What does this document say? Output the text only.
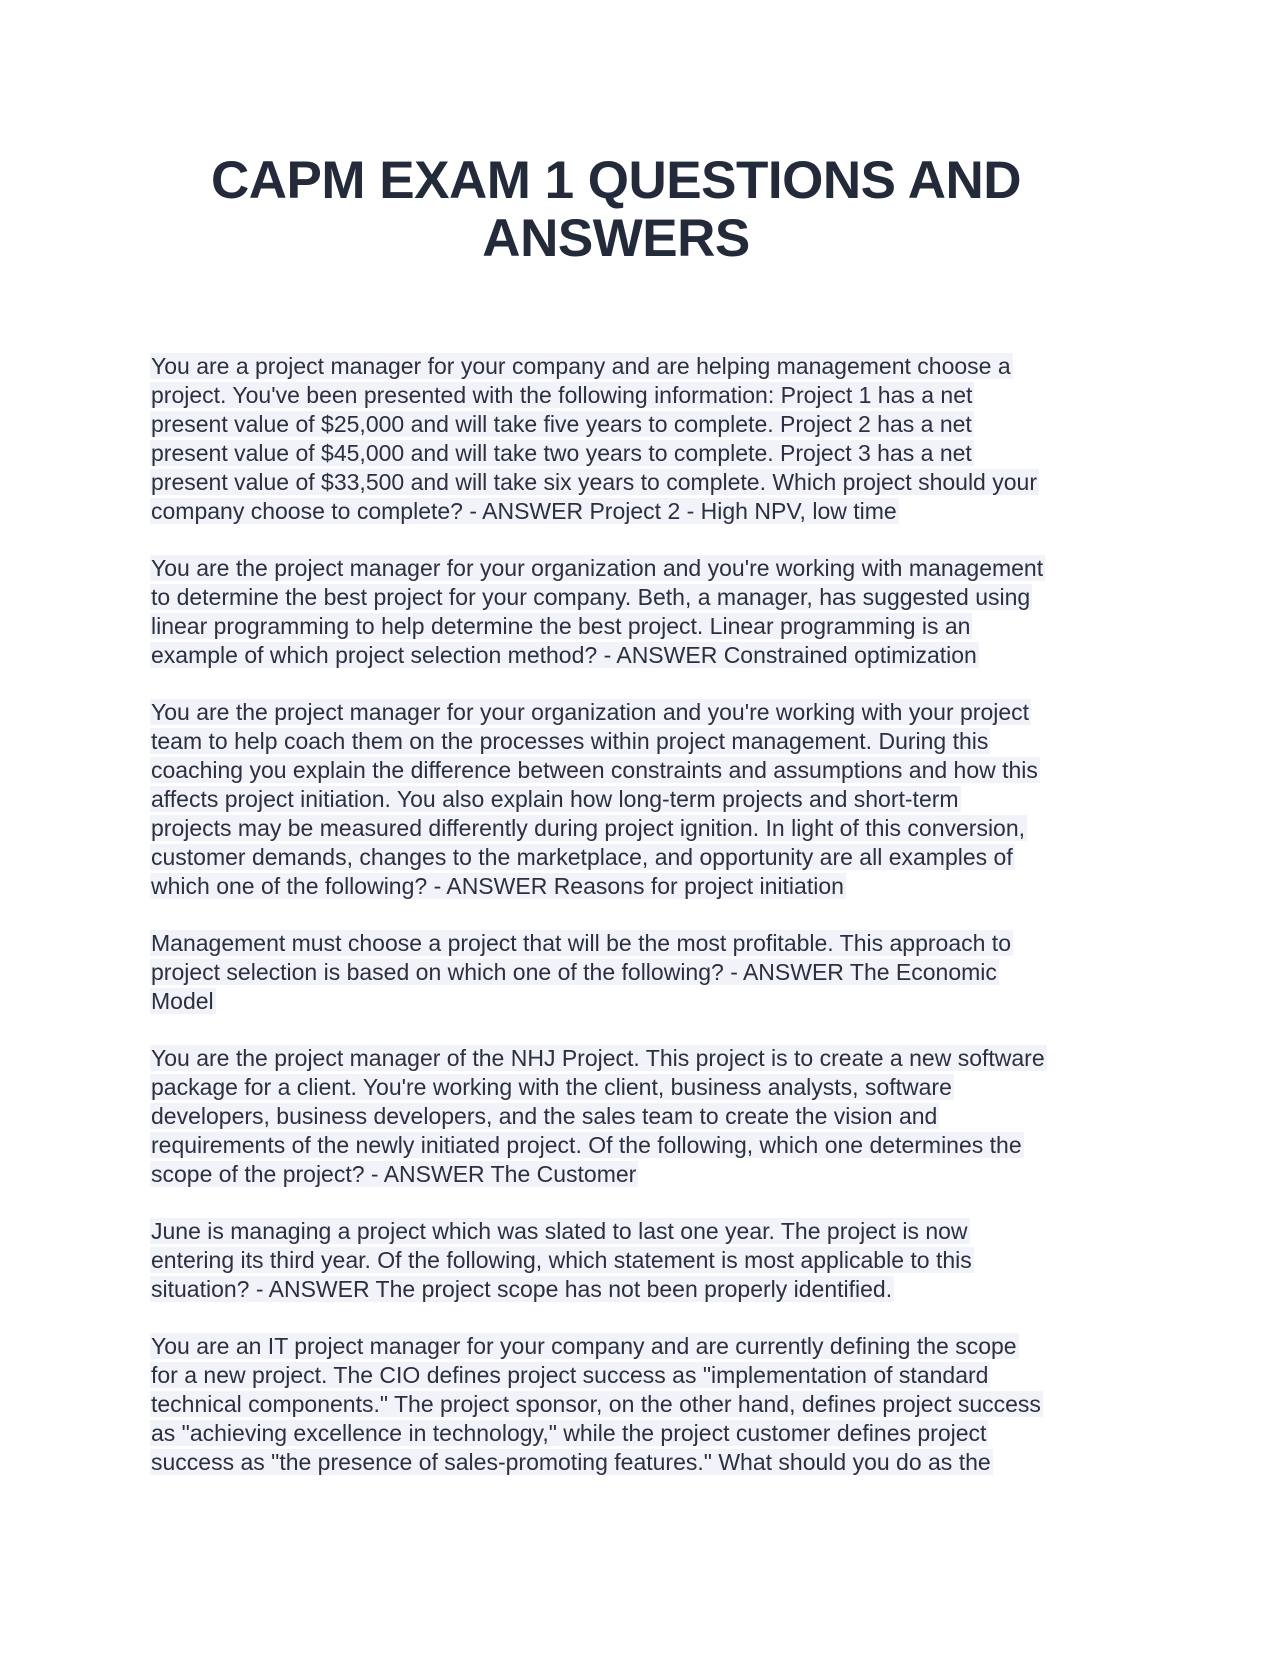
CAPM EXAM 1 QUESTIONS AND
ANSWERS
You are a project manager for your company and are helping management choose a
project. You've been presented with the following information: Project 1 has a net
present value of $25,000 and will take five years to complete. Project 2 has a net
present value of $45,000 and will take two years to complete. Project 3 has a net
present value of $33,500 and will take six years to complete. Which project should your
company choose to complete? - ANSWER Project 2 - High NPV, low time
You are the project manager for your organization and you're working with management
to determine the best project for your company. Beth, a manager, has suggested using
linear programming to help determine the best project. Linear programming is an
example of which project selection method? - ANSWER Constrained optimization
You are the project manager for your organization and you're working with your project
team to help coach them on the processes within project management. During this
coaching you explain the difference between constraints and assumptions and how this
affects project initiation. You also explain how long-term projects and short-term
projects may be measured differently during project ignition. In light of this conversion,
customer demands, changes to the marketplace, and opportunity are all examples of
which one of the following? - ANSWER Reasons for project initiation
Management must choose a project that will be the most profitable. This approach to
project selection is based on which one of the following? - ANSWER The Economic
Model
You are the project manager of the NHJ Project. This project is to create a new software
package for a client. You're working with the client, business analysts, software
developers, business developers, and the sales team to create the vision and
requirements of the newly initiated project. Of the following, which one determines the
scope of the project? - ANSWER The Customer
June is managing a project which was slated to last one year. The project is now
entering its third year. Of the following, which statement is most applicable to this
situation? - ANSWER The project scope has not been properly identified.
You are an IT project manager for your company and are currently defining the scope
for a new project. The CIO defines project success as "implementation of standard
technical components." The project sponsor, on the other hand, defines project success
as "achieving excellence in technology," while the project customer defines project
success as "the presence of sales-promoting features." What should you do as the
